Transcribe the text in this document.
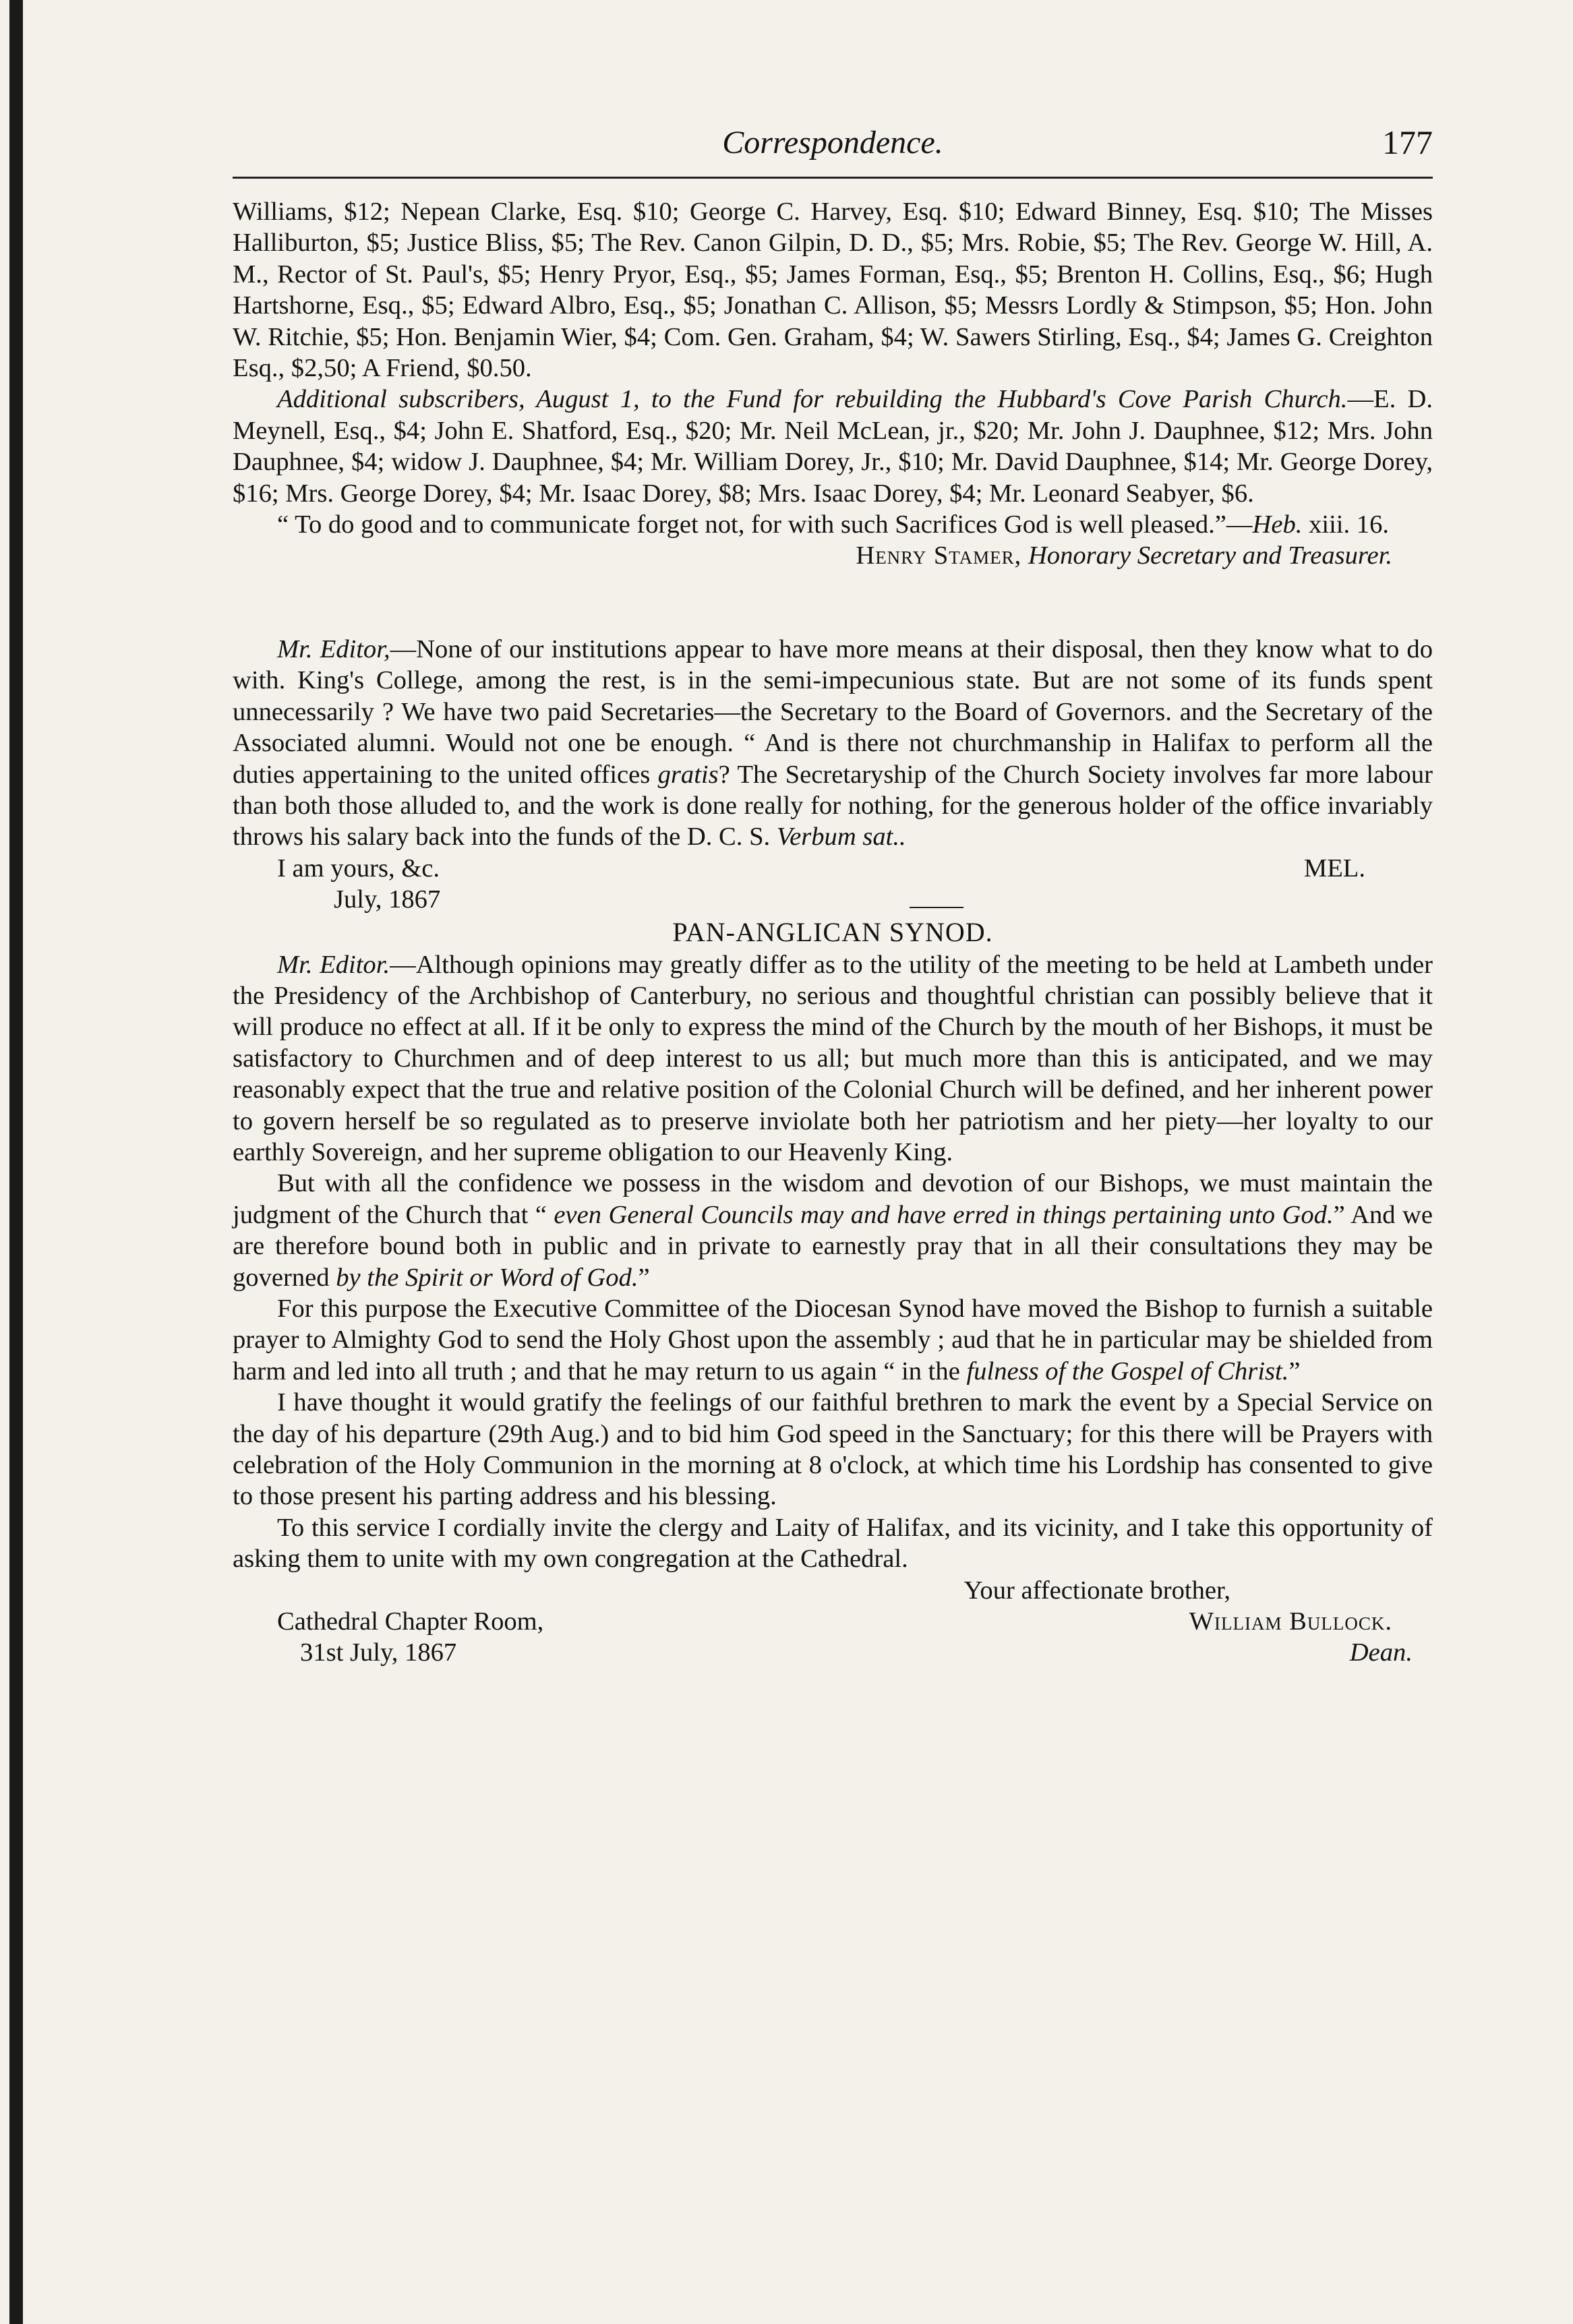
Correspondence.	177

Williams, $12; Nepean Clarke, Esq. $10; George C. Harvey, Esq. $10; Edward Binney, Esq. $10; The Misses Halliburton, $5; Justice Bliss, $5; The Rev. Canon Gilpin, D. D., $5; Mrs. Robie, $5; The Rev. George W. Hill, A. M., Rector of St. Paul's, $5; Henry Pryor, Esq., $5; James Forman, Esq., $5; Brenton H. Collins, Esq., $6; Hugh Hartshorne, Esq., $5; Edward Albro, Esq., $5; Jonathan C. Allison, $5; Messrs Lordly & Stimpson, $5; Hon. John W. Ritchie, $5; Hon. Benjamin Wier, $4; Com. Gen. Graham, $4; W. Sawers Stirling, Esq., $4; James G. Creighton Esq., $2,50; A Friend, $0.50.

Additional subscribers, August 1, to the Fund for rebuilding the Hubbard's Cove Parish Church.—E. D. Meynell, Esq., $4; John E. Shatford, Esq., $20; Mr. Neil McLean, jr., $20; Mr. John J. Dauphnee, $12; Mrs. John Dauphnee, $4; widow J. Dauphnee, $4; Mr. William Dorey, Jr., $10; Mr. David Dauphnee, $14; Mr. George Dorey, $16; Mrs. George Dorey, $4; Mr. Isaac Dorey, $8; Mrs. Isaac Dorey, $4; Mr. Leonard Seabyer, $6.

“ To do good and to communicate forget not, for with such Sacrifices God is well pleased.”—Heb. xiii. 16.

Henry Stamer, Honorary Secretary and Treasurer.

Mr. Editor,—None of our institutions appear to have more means at their disposal, then they know what to do with. King's College, among the rest, is in the semi-impecunious state. But are not some of its funds spent unnecessarily ? We have two paid Secretaries—the Secretary to the Board of Governors. and the Secretary of the Associated alumni. Would not one be enough. “ And is there not churchmanship in Halifax to perform all the duties appertaining to the united offices gratis? The Secretaryship of the Church Society involves far more labour than both those alluded to, and the work is done really for nothing, for the generous holder of the office invariably throws his salary back into the funds of the D. C. S. Verbum sat..

I am yours, &c.	MEL.
July, 1867
PAN-ANGLICAN SYNOD.

Mr. Editor.—Although opinions may greatly differ as to the utility of the meeting to be held at Lambeth under the Presidency of the Archbishop of Canterbury, no serious and thoughtful christian can possibly believe that it will produce no effect at all. If it be only to express the mind of the Church by the mouth of her Bishops, it must be satisfactory to Churchmen and of deep interest to us all; but much more than this is anticipated, and we may reasonably expect that the true and relative position of the Colonial Church will be defined, and her inherent power to govern herself be so regulated as to preserve inviolate both her patriotism and her piety—her loyalty to our earthly Sovereign, and her supreme obligation to our Heavenly King.

But with all the confidence we possess in the wisdom and devotion of our Bishops, we must maintain the judgment of the Church that “ even General Councils may and have erred in things pertaining unto God.” And we are therefore bound both in public and in private to earnestly pray that in all their consultations they may be governed by the Spirit or Word of God.”

For this purpose the Executive Committee of the Diocesan Synod have moved the Bishop to furnish a suitable prayer to Almighty God to send the Holy Ghost upon the assembly ; aud that he in particular may be shielded from harm and led into all truth ; and that he may return to us again “ in the fulness of the Gospel of Christ.”

I have thought it would gratify the feelings of our faithful brethren to mark the event by a Special Service on the day of his departure (29th Aug.) and to bid him God speed in the Sanctuary; for this there will be Prayers with celebration of the Holy Communion in the morning at 8 o'clock, at which time his Lordship has consented to give to those present his parting address and his blessing.

To this service I cordially invite the clergy and Laity of Halifax, and its vicinity, and I take this opportunity of asking them to unite with my own congregation at the Cathedral.

Your affectionate brother,
Cathedral Chapter Room,	William Bullock.
31st July, 1867	Dean.
